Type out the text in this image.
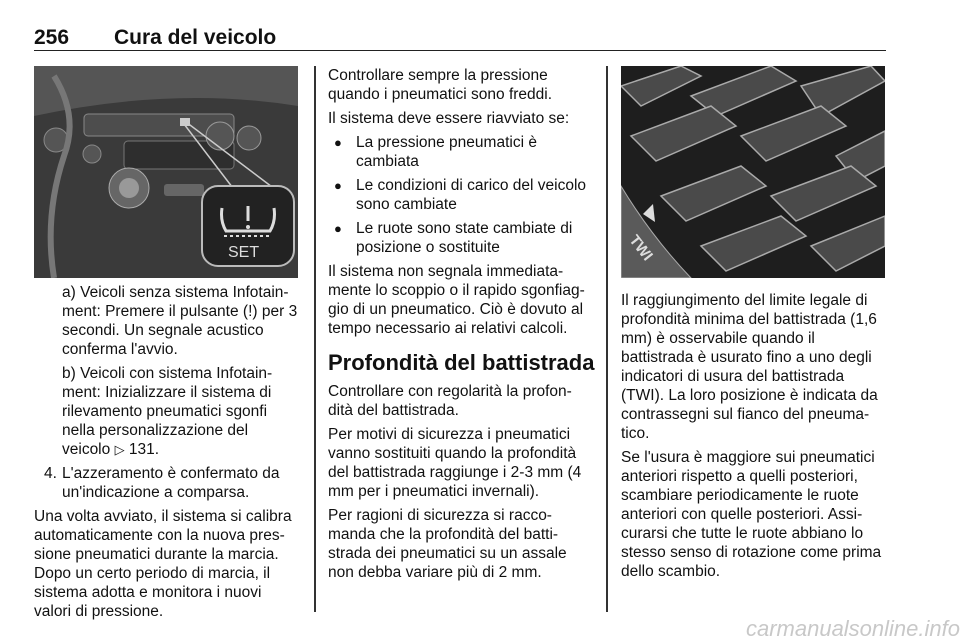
256 Cura del veicolo
SET

a) Veicoli senza sistema Infotain-ment: Premere il pulsante (!) per 3 secondi. Un segnale acustico conferma l'avvio.

b) Veicoli con sistema Infotain-ment: Inizializzare il sistema di rilevamento pneumatici sgonfi nella personalizzazione del veicolo ▷ 131.

4. L'azzeramento è confermato da un'indicazione a comparsa.

Una volta avviato, il sistema si calibra automaticamente con la nuova pres-sione pneumatici durante la marcia. Dopo un certo periodo di marcia, il sistema adotta e monitora i nuovi valori di pressione.

Controllare sempre la pressione quando i pneumatici sono freddi.

Il sistema deve essere riavviato se:

● La pressione pneumatici è cambiata
● Le condizioni di carico del veicolo sono cambiate
● Le ruote sono state cambiate di posizione o sostituite

Il sistema non segnala immediata-mente lo scoppio o il rapido sgonfiag-gio di un pneumatico. Ciò è dovuto al tempo necessario ai relativi calcoli.

Profondità del battistrada

Controllare con regolarità la profon-dità del battistrada.

Per motivi di sicurezza i pneumatici vanno sostituiti quando la profondità del battistrada raggiunge i 2-3 mm (4 mm per i pneumatici invernali).

Per ragioni di sicurezza si racco-manda che la profondità del batti-strada dei pneumatici su un assale non debba variare più di 2 mm.

TWI

Il raggiungimento del limite legale di profondità minima del battistrada (1,6 mm) è osservabile quando il battistrada è usurato fino a uno degli indicatori di usura del battistrada (TWI). La loro posizione è indicata da contrassegni sul fianco del pneuma-tico.

Se l'usura è maggiore sui pneumatici anteriori rispetto a quelli posteriori, scambiare periodicamente le ruote anteriori con quelle posteriori. Assi-curarsi che tutte le ruote abbiano lo stesso senso di rotazione come prima dello scambio.

carmanualsonline.info
